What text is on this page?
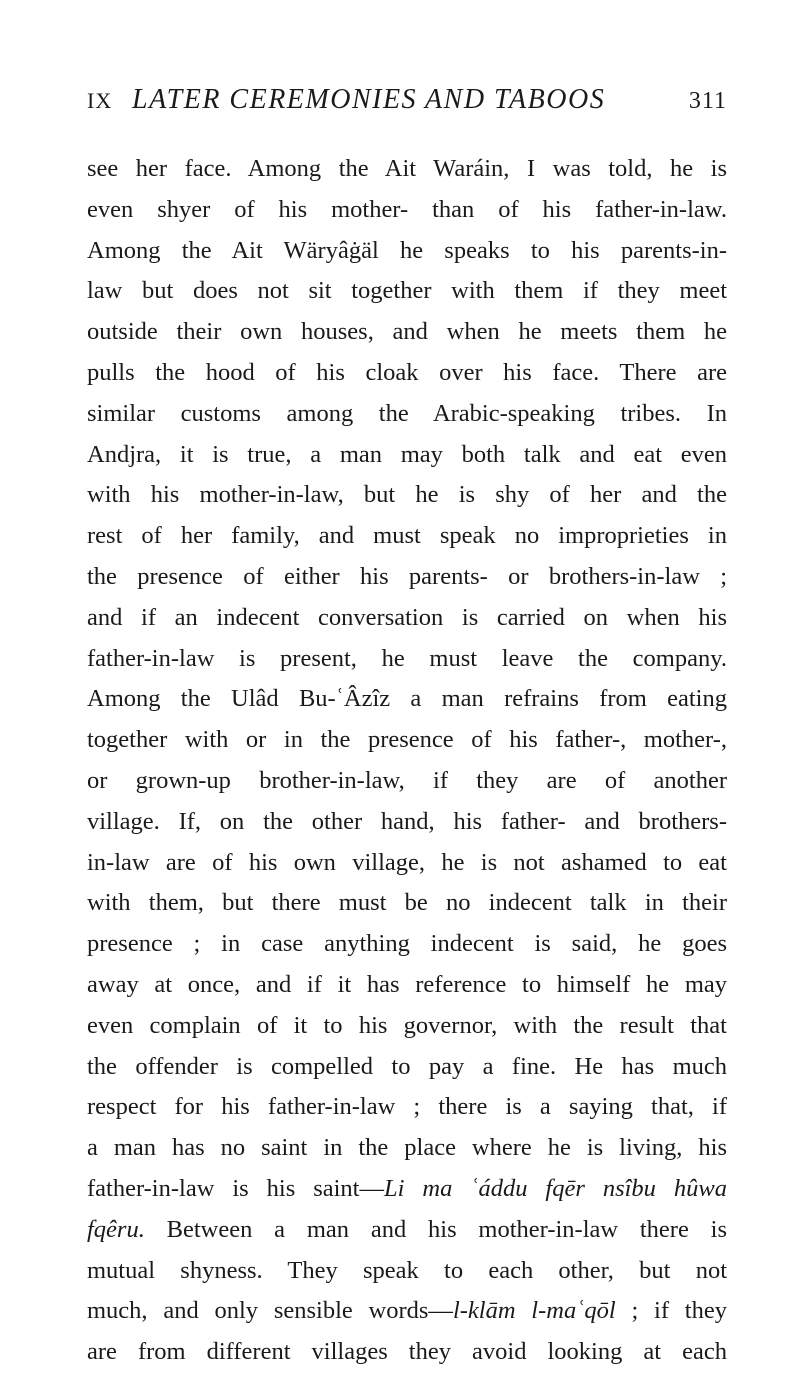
IX LATER CEREMONIES AND TABOOS	311
see her face. Among the Ait Waráin, I was told, he is
even shyer of his mother- than of his father-in-law.
Among the Ait Wäryâġäl he speaks to his parents-in-
law but does not sit together with them if they meet
outside their own houses, and when he meets them he
pulls the hood of his cloak over his face. There are
similar customs among the Arabic-speaking tribes. In
Andjra, it is true, a man may both talk and eat even
with his mother-in-law, but he is shy of her and the
rest of her family, and must speak no improprieties in
the presence of either his parents- or brothers-in-law ;
and if an indecent conversation is carried on when his
father-in-law is present, he must leave the company.
Among the Ulâd Bu-ʿÂzîz a man refrains from eating
together with or in the presence of his father-, mother-,
or grown-up brother-in-law, if they are of another
village. If, on the other hand, his father- and brothers-
in-law are of his own village, he is not ashamed to eat
with them, but there must be no indecent talk in their
presence ; in case anything indecent is said, he goes
away at once, and if it has reference to himself he may
even complain of it to his governor, with the result that
the offender is compelled to pay a fine. He has much
respect for his father-in-law ; there is a saying that, if
a man has no saint in the place where he is living, his
father-in-law is his saint—Li ma ʿáddu fqēr nsîbu hûwa
fqêru. Between a man and his mother-in-law there is
mutual shyness. They speak to each other, but not
much, and only sensible words—l-klām l-maʿqōl ; if they
are from different villages they avoid looking at each
